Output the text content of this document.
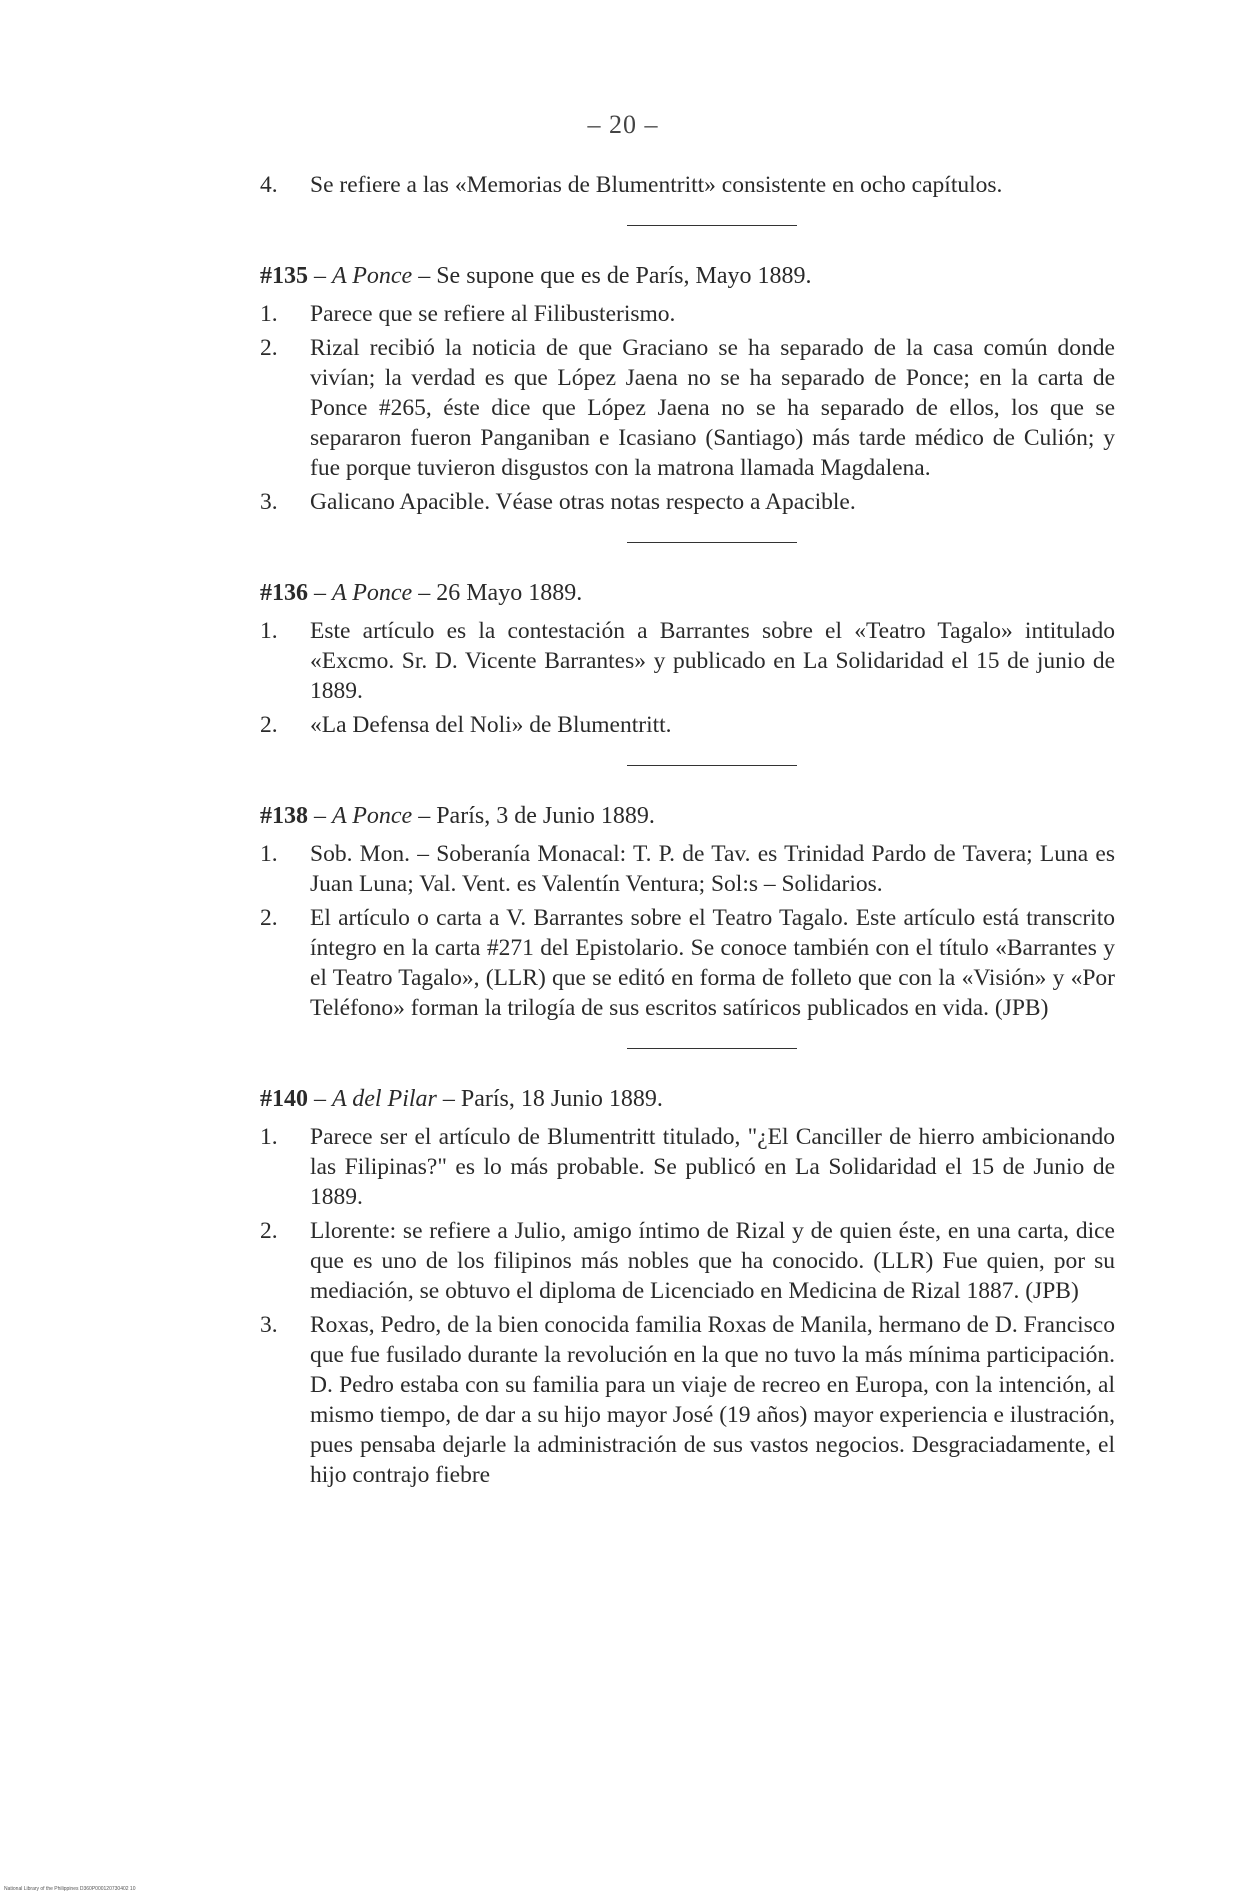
– 20 –
4.	Se refiere a las «Memorias de Blumentritt» consistente en ocho capítulos.

#135 – A Ponce – Se supone que es de París, Mayo 1889.

1.	Parece que se refiere al Filibusterismo.
2.	Rizal recibió la noticia de que Graciano se ha separado de la casa común donde vivían; la verdad es que López Jaena no se ha separado de Ponce; en la carta de Ponce #265, éste dice que López Jaena no se ha separado de ellos, los que se separaron fueron Panganiban e Icasiano (Santiago) más tarde médico de Culión; y fue porque tuvieron disgustos con la matrona llamada Magdalena.
3.	Galicano Apacible. Véase otras notas respecto a Apacible.

#136 – A Ponce – 26 Mayo 1889.

1.	Este artículo es la contestación a Barrantes sobre el «Teatro Tagalo» intitulado «Excmo. Sr. D. Vicente Barrantes» y publicado en La Solidaridad el 15 de junio de 1889.
2.	«La Defensa del Noli» de Blumentritt.

#138 – A Ponce – París, 3 de Junio 1889.

1.	Sob. Mon. – Soberanía Monacal: T. P. de Tav. es Trinidad Pardo de Tavera; Luna es Juan Luna; Val. Vent. es Valentín Ventura; Sol:s – Solidarios.
2.	El artículo o carta a V. Barrantes sobre el Teatro Tagalo. Este artículo está transcrito íntegro en la carta #271 del Epistolario. Se conoce también con el título «Barrantes y el Teatro Tagalo», (LLR) que se editó en forma de folleto que con la «Visión» y «Por Teléfono» forman la trilogía de sus escritos satíricos publicados en vida. (JPB)

#140 – A del Pilar – París, 18 Junio 1889.

1.	Parece ser el artículo de Blumentritt titulado, "¿El Canciller de hierro ambicionando las Filipinas?" es lo más probable. Se publicó en La Solidaridad el 15 de Junio de 1889.
2.	Llorente: se refiere a Julio, amigo íntimo de Rizal y de quien éste, en una carta, dice que es uno de los filipinos más nobles que ha conocido. (LLR) Fue quien, por su mediación, se obtuvo el diploma de Licenciado en Medicina de Rizal 1887. (JPB)
3.	Roxas, Pedro, de la bien conocida familia Roxas de Manila, hermano de D. Francisco que fue fusilado durante la revolución en la que no tuvo la más mínima participación. D. Pedro estaba con su familia para un viaje de recreo en Europa, con la intención, al mismo tiempo, de dar a su hijo mayor José (19 años) mayor experiencia e ilustración, pues pensaba dejarle la administración de sus vastos negocios. Desgraciadamente, el hijo contrajo fiebre
National Library of the Philippines D360P000120730402 10
